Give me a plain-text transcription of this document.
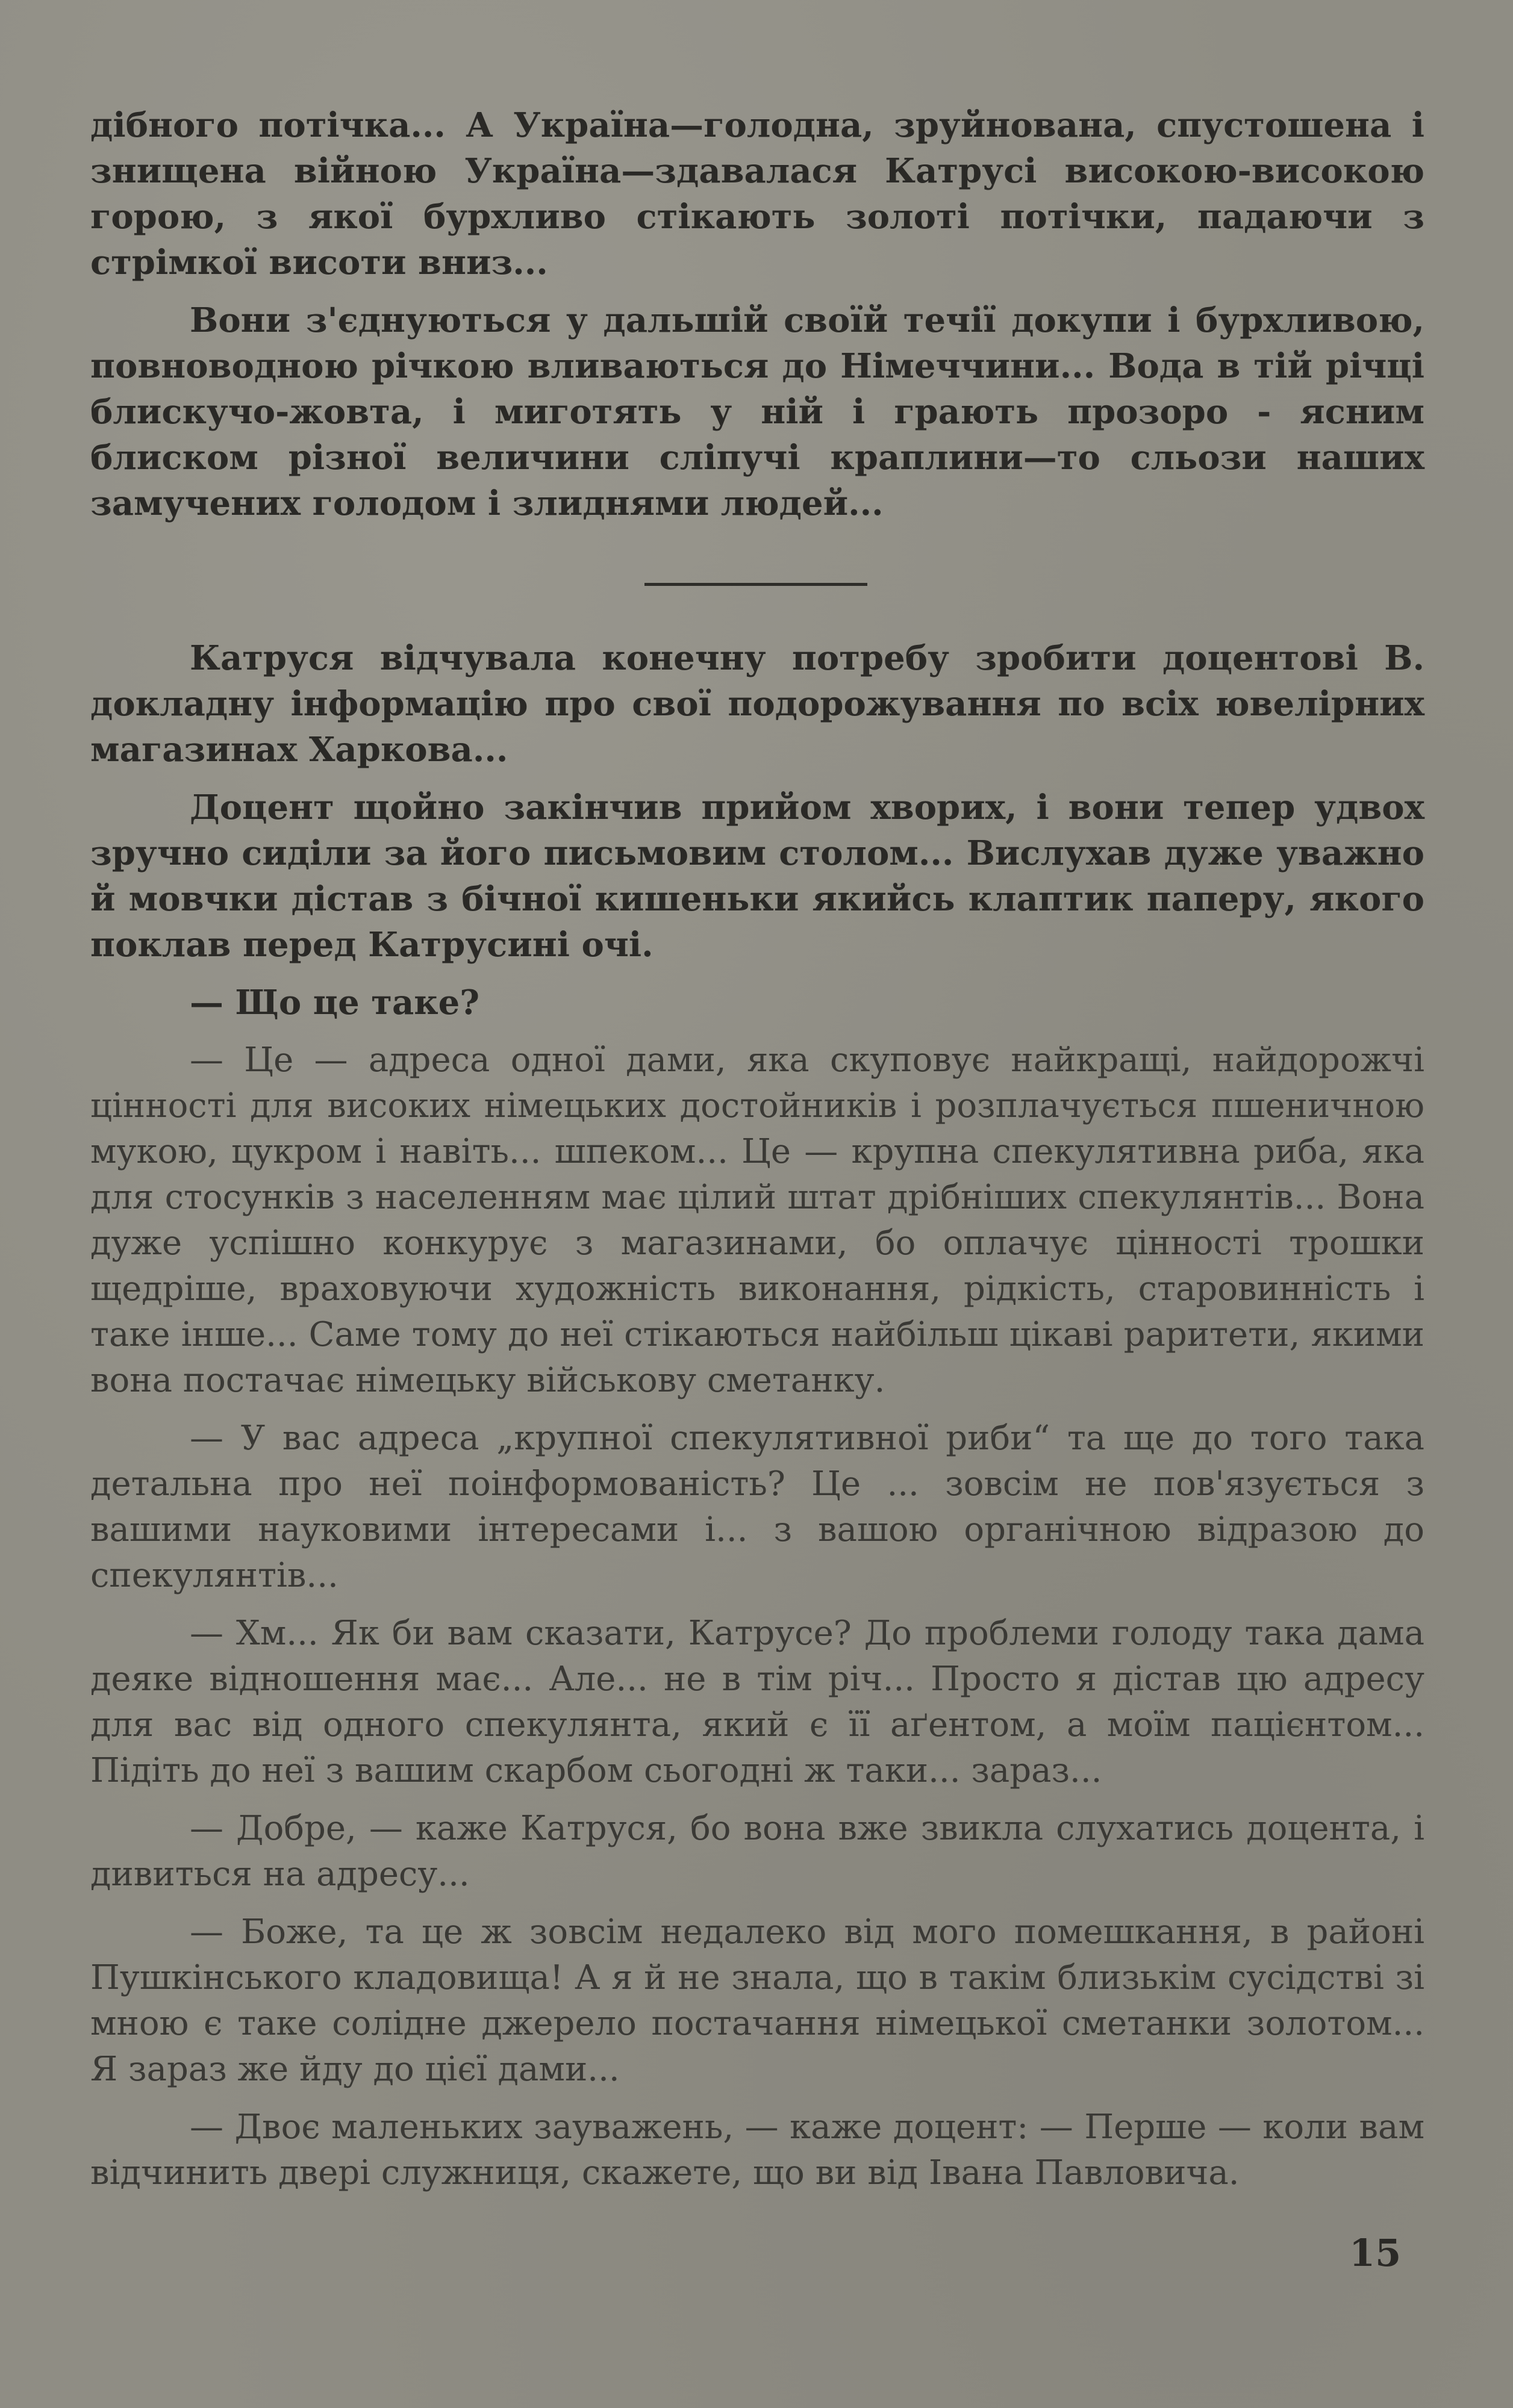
дібного потічка... А Україна—голодна, зруйнована, спустошена і знищена війною Україна—здавалася Катрусі високою-високою горою, з якої бурхливо стікають золоті потічки, падаючи з стрімкої висоти вниз...

Вони з'єднуються у дальшій своїй течії докупи і бурхливою, повноводною річкою вливаються до Німеччини... Вода в тій річці блискучо-жовта, і миготять у ній і грають прозоро - ясним блиском різної величини сліпучі краплини—то сльози наших замучених голодом і злиднями людей...

Катруся відчувала конечну потребу зробити доцентові В. докладну інформацію про свої подорожування по всіх ювелірних магазинах Харкова...

Доцент щойно закінчив прийом хворих, і вони тепер удвох зручно сиділи за його письмовим столом... Вислухав дуже уважно й мовчки дістав з бічної кишеньки якийсь клаптик паперу, якого поклав перед Катрусині очі.

— Що це таке?

— Це — адреса одної дами, яка скуповує найкращі, найдорожчі цінності для високих німецьких достойників і розплачується пшеничною мукою, цукром і навіть... шпеком... Це — крупна спекулятивна риба, яка для стосунків з населенням має цілий штат дрібніших спекулянтів... Вона дуже успішно конкурує з магазинами, бо оплачує цінності трошки щедріше, враховуючи художність виконання, рідкість, старовинність і таке інше... Саме тому до неї стікаються найбільш цікаві раритети, якими вона постачає німецьку військову сметанку.

— У вас адреса „крупної спекулятивної риби“ та ще до того така детальна про неї поінформованість? Це ... зовсім не пов'язується з вашими науковими інтересами і... з вашою органічною відразою до спекулянтів...

— Хм... Як би вам сказати, Катрусе? До проблеми голоду така дама деяке відношення має... Але... не в тім річ... Просто я дістав цю адресу для вас від одного спекулянта, який є її аґентом, а моїм пацієнтом... Підіть до неї з вашим скарбом сьогодні ж таки... зараз...

— Добре, — каже Катруся, бо вона вже звикла слухатись доцента, і дивиться на адресу...

— Боже, та це ж зовсім недалеко від мого помешкання, в районі Пушкінського кладовища! А я й не знала, що в такім близькім сусідстві зі мною є таке солідне джерело постачання німецької сметанки золотом... Я зараз же йду до цієї дами...

— Двоє маленьких зауважень, — каже доцент: — Перше — коли вам відчинить двері служниця, скажете, що ви від Івана Павловича.

15
